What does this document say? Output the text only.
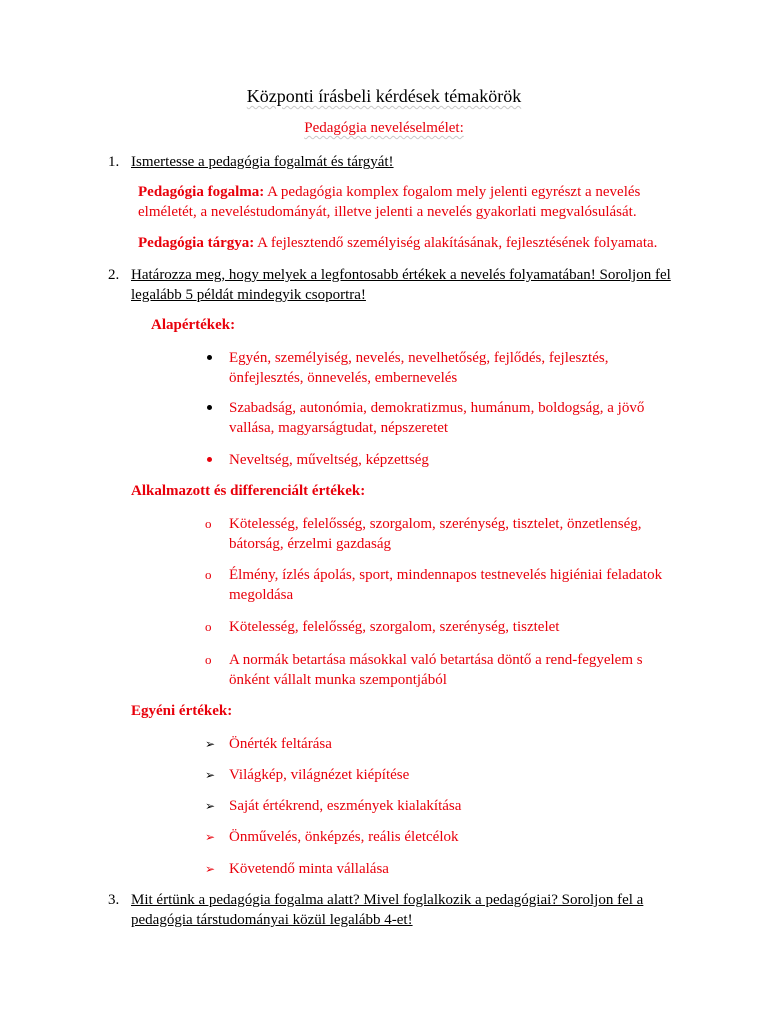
Központi írásbeli kérdések témakörök
Pedagógia neveléselmélet:
1. Ismertesse a pedagógia fogalmát és tárgyát!
Pedagógia fogalma: A pedagógia komplex fogalom mely jelenti egyrészt a nevelés elméletét, a neveléstudományát, illetve jelenti a nevelés gyakorlati megvalósulását.
Pedagógia tárgya: A fejlesztendő személyiség alakításának, fejlesztésének folyamata.
2. Határozza meg, hogy melyek a legfontosabb értékek a nevelés folyamatában! Soroljon fel legalább 5 példát mindegyik csoportra!
Alapértékek:
Egyén, személyiség, nevelés, nevelhetőség, fejlődés, fejlesztés, önfejlesztés, önnevelés, embernevelés
Szabadság, autonómia, demokratizmus, humánum, boldogság, a jövő vallása, magyarságtudat, népszeretet
Neveltség, műveltség, képzettség
Alkalmazott és differenciált értékek:
o	Kötelesség, felelősség, szorgalom, szerénység, tisztelet, önzetlenség, bátorság, érzelmi gazdaság
o	Élmény, ízlés ápolás, sport, mindennapos testnevelés higiéniai feladatok megoldása
o	Kötelesség, felelősség, szorgalom, szerénység, tisztelet
o	A normák betartása másokkal való betartása döntő a rend-fegyelem s önként vállalt munka szempontjából
Egyéni értékek:
➢ Önérték feltárása
➢ Világkép, világnézet kiépítése
➢ Saját értékrend, eszmények kialakítása
➢ Önművelés, önképzés, reális életcélok
➢ Követendő minta vállalása
3. Mit értünk a pedagógia fogalma alatt? Mivel foglalkozik a pedagógiai? Soroljon fel a pedagógia társtudományai közül legalább 4-et!
